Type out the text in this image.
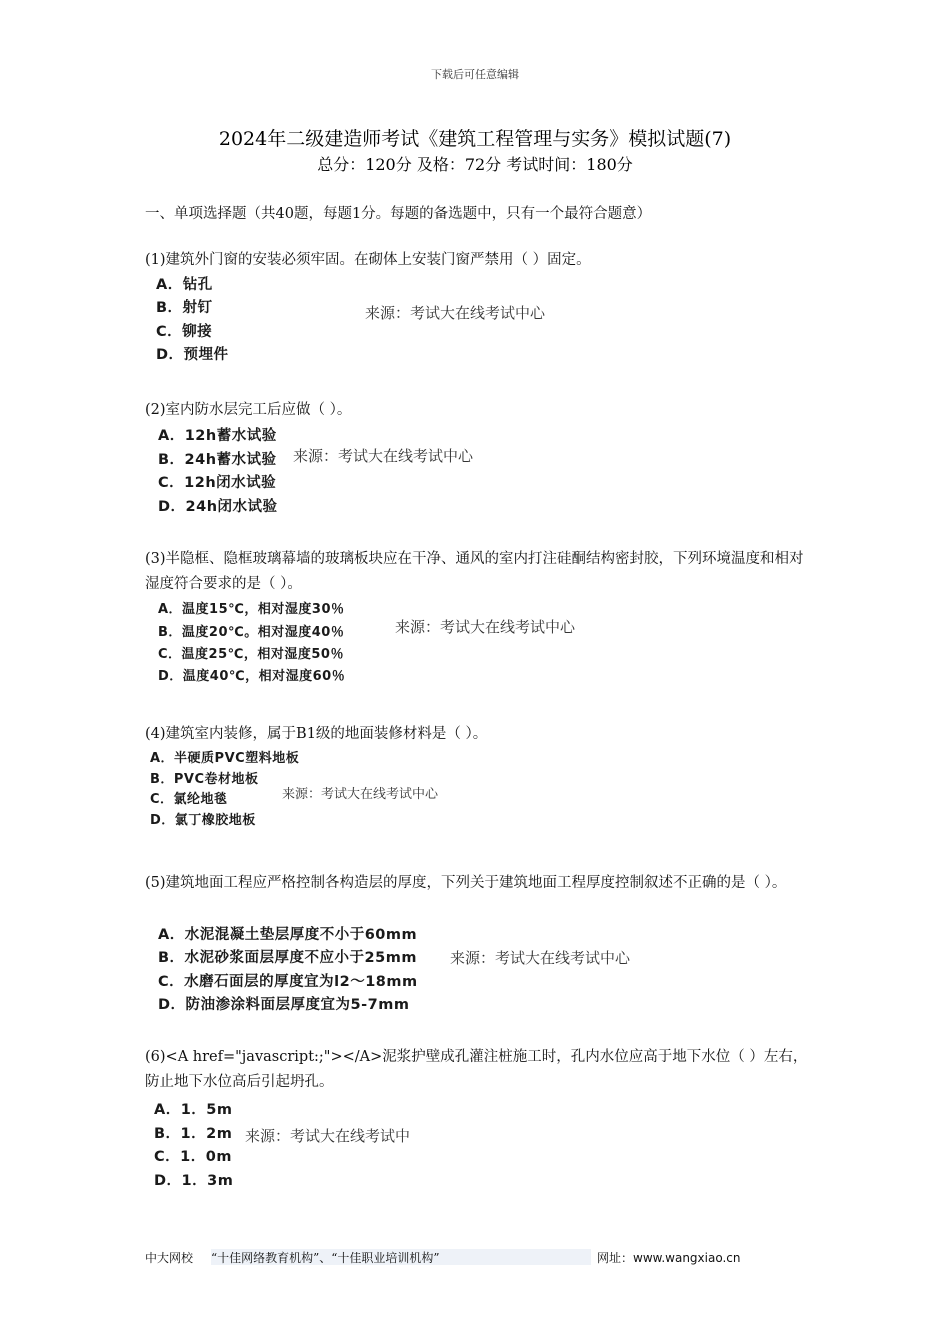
下载后可任意编辑
2024年二级建造师考试《建筑工程管理与实务》模拟试题(7)
总分：120分 及格：72分 考试时间：180分
一、单项选择题（共40题，每题1分。每题的备选题中，只有一个最符合题意）
(1)建筑外门窗的安装必须牢固。在砌体上安装门窗严禁用（ ）固定。
A．钻孔
B．射钉
C．铆接
D．预埋件
来源：考试大在线考试中心
(2)室内防水层完工后应做（ ）。
A．12h蓄水试验
B．24h蓄水试验
C．12h闭水试验
D．24h闭水试验
来源：考试大在线考试中心
(3)半隐框、隐框玻璃幕墙的玻璃板块应在干净、通风的室内打注硅酮结构密封胶，下列环境温度和相对湿度符合要求的是（ ）。
A．温度15℃，相对湿度30％
B．温度20℃。相对湿度40％
C．温度25℃，相对湿度50％
D．温度40℃，相对湿度60％
来源：考试大在线考试中心
(4)建筑室内装修，属于B1级的地面装修材料是（ ）。
A．半硬质PVC塑料地板
B．PVC卷材地板
C．氯纶地毯
D．氯丁橡胶地板
来源：考试大在线考试中心
(5)建筑地面工程应严格控制各构造层的厚度，下列关于建筑地面工程厚度控制叙述不正确的是（ ）。
A．水泥混凝土垫层厚度不小于60mm
B．水泥砂浆面层厚度不应小于25mm
C．水磨石面层的厚度宜为l2～18mm
D．防油渗涂料面层厚度宜为5-7mm
来源：考试大在线考试中心
(6)<A href="javascript:;"></A>泥浆护壁成孔灌注桩施工时，孔内水位应高于地下水位（ ）左右，防止地下水位高后引起坍孔。
A．1．5m
B．1．2m
C．1．0m
D．1．3m
来源：考试大在线考试中
中大网校 “十佳网络教育机构”、“十佳职业培训机构”	网址：www.wangxiao.cn
